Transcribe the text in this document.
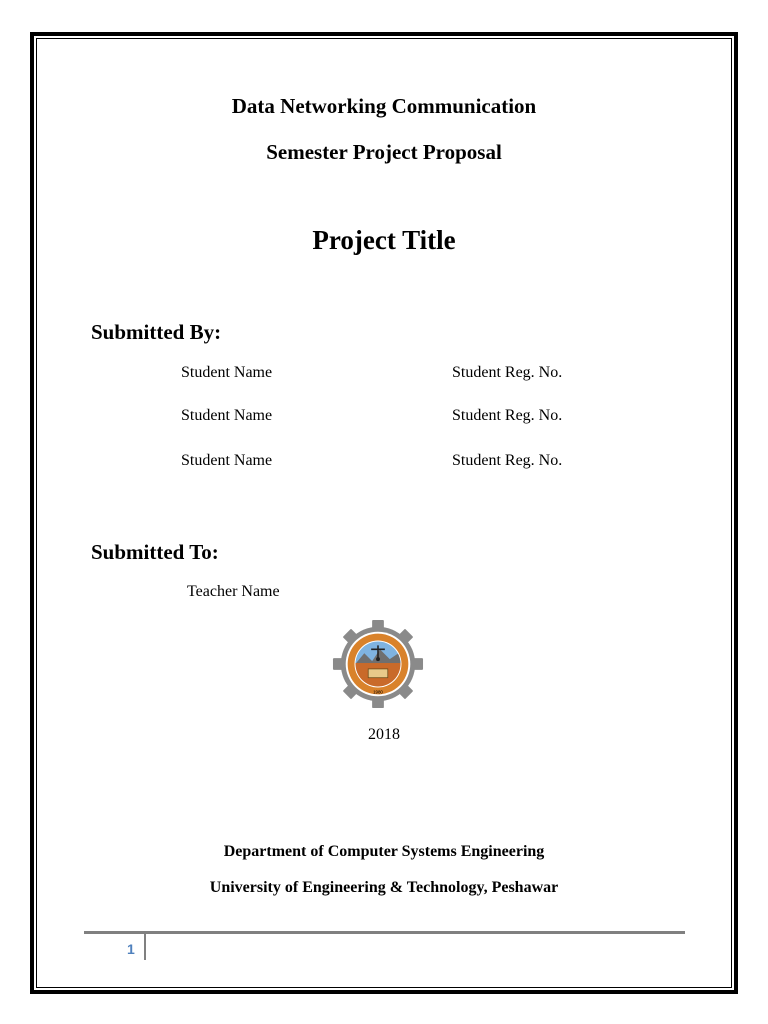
Data Networking Communication
Semester Project Proposal
Project Title
Submitted By:
Student Name	Student Reg. No.
Student Name	Student Reg. No.
Student Name	Student Reg. No.
Submitted To:
Teacher Name
1980
2018
Department of Computer Systems Engineering
University of Engineering & Technology, Peshawar
1
